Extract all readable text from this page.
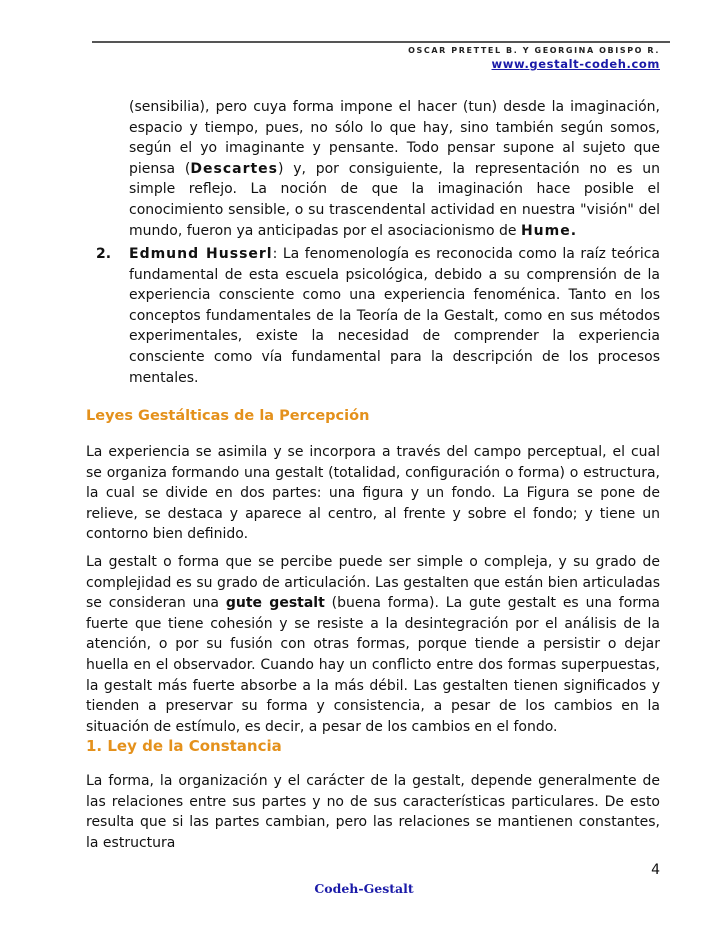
OSCAR PRETTEL B. Y GEORGINA OBISPO R.
www.gestalt-codeh.com

(sensibilia), pero cuya forma impone el hacer (tun) desde la imaginación, espacio y tiempo, pues, no sólo lo que hay, sino también según somos, según el yo imaginante y pensante. Todo pensar supone al sujeto que piensa (Descartes) y, por consiguiente, la representación no es un simple reflejo. La noción de que la imaginación hace posible el conocimiento sensible, o su trascendental actividad en nuestra "visión" del mundo, fueron ya anticipadas por el asociacionismo de Hume.

2. Edmund Husserl: La fenomenología es reconocida como la raíz teórica fundamental de esta escuela psicológica, debido a su comprensión de la experiencia consciente como una experiencia fenoménica. Tanto en los conceptos fundamentales de la Teoría de la Gestalt, como en sus métodos experimentales, existe la necesidad de comprender la experiencia consciente como vía fundamental para la descripción de los procesos mentales.

Leyes Gestálticas de la Percepción

La experiencia se asimila y se incorpora a través del campo perceptual, el cual se organiza formando una gestalt (totalidad, configuración o forma) o estructura, la cual se divide en dos partes: una figura y un fondo. La Figura se pone de relieve, se destaca y aparece al centro, al frente y sobre el fondo; y tiene un contorno bien definido.

La gestalt o forma que se percibe puede ser simple o compleja, y su grado de complejidad es su grado de articulación. Las gestalten que están bien articuladas se consideran una gute gestalt (buena forma). La gute gestalt es una forma fuerte que tiene cohesión y se resiste a la desintegración por el análisis de la atención, o por su fusión con otras formas, porque tiende a persistir o dejar huella en el observador. Cuando hay un conflicto entre dos formas superpuestas, la gestalt más fuerte absorbe a la más débil. Las gestalten tienen significados y tienden a preservar su forma y consistencia, a pesar de los cambios en la situación de estímulo, es decir, a pesar de los cambios en el fondo.

1. Ley de la Constancia

La forma, la organización y el carácter de la gestalt, depende generalmente de las relaciones entre sus partes y no de sus características particulares. De esto resulta que si las partes cambian, pero las relaciones se mantienen constantes, la estructura

4
Codeh-Gestalt
